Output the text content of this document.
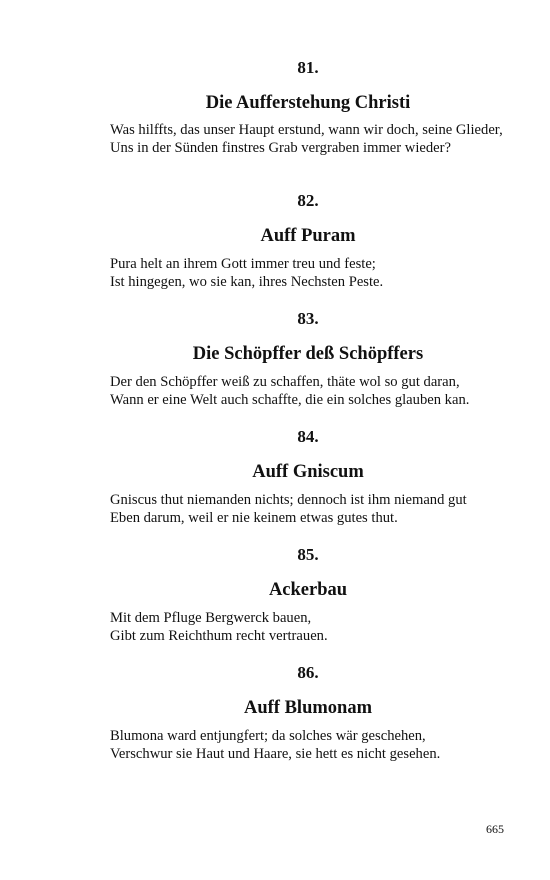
81.

Die Aufferstehung Christi

Was hilffts, das unser Haupt erstund, wann wir doch, seine Glieder,
Uns in der Sünden finstres Grab vergraben immer wieder?

82.

Auff Puram

Pura helt an ihrem Gott immer treu und feste;
Ist hingegen, wo sie kan, ihres Nechsten Peste.

83.

Die Schöpffer deß Schöpffers

Der den Schöpffer weiß zu schaffen, thäte wol so gut daran,
Wann er eine Welt auch schaffte, die ein solches glauben kan.

84.

Auff Gniscum

Gniscus thut niemanden nichts; dennoch ist ihm niemand gut
Eben darum, weil er nie keinem etwas gutes thut.

85.

Ackerbau

Mit dem Pfluge Bergwerck bauen,
Gibt zum Reichthum recht vertrauen.

86.

Auff Blumonam

Blumona ward entjungfert; da solches wär geschehen,
Verschwur sie Haut und Haare, sie hett es nicht gesehen.
665
